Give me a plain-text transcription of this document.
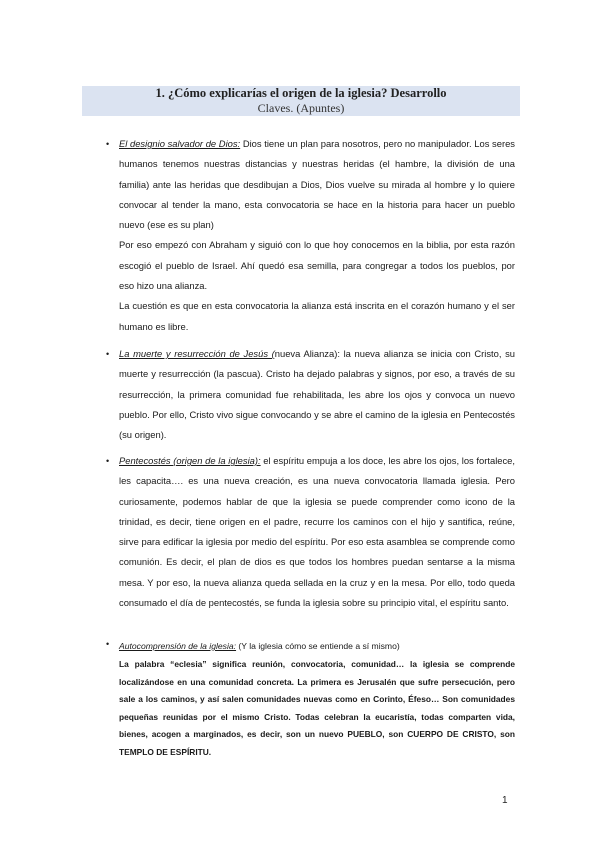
1. ¿Cómo explicarías el origen de la iglesia? Desarrollo
Claves. (Apuntes)
• El designio salvador de Dios: Dios tiene un plan para nosotros, pero no manipulador. Los seres humanos tenemos nuestras distancias y nuestras heridas (el hambre, la división de una familia) ante las heridas que desdibujan a Dios, Dios vuelve su mirada al hombre y lo quiere convocar al tender la mano, esta convocatoria se hace en la historia para hacer un pueblo nuevo (ese es su plan)

Por eso empezó con Abraham y siguió con lo que hoy conocemos en la biblia, por esta razón escogió el pueblo de Israel. Ahí quedó esa semilla, para congregar a todos los pueblos, por eso hizo una alianza.

La cuestión es que en esta convocatoria la alianza está inscrita en el corazón humano y el ser humano es libre.

• La muerte y resurrección de Jesús (nueva Alianza): la nueva alianza se inicia con Cristo, su muerte y resurrección (la pascua). Cristo ha dejado palabras y signos, por eso, a través de su resurrección, la primera comunidad fue rehabilitada, les abre los ojos y convoca un nuevo pueblo. Por ello, Cristo vivo sigue convocando y se abre el camino de la iglesia en Pentecostés (su origen).

• Pentecostés (origen de la iglesia): el espíritu empuja a los doce, les abre los ojos, los fortalece, les capacita…. es una nueva creación, es una nueva convocatoria llamada iglesia. Pero curiosamente, podemos hablar de que la iglesia se puede comprender como icono de la trinidad, es decir, tiene origen en el padre, recurre los caminos con el hijo y santifica, reúne, sirve para edificar la iglesia por medio del espíritu. Por eso esta asamblea se comprende como comunión. Es decir, el plan de dios es que todos los hombres puedan sentarse a la misma mesa. Y por eso, la nueva alianza queda sellada en la cruz y en la mesa. Por ello, todo queda consumado el día de pentecostés, se funda la iglesia sobre su principio vital, el espíritu santo.

• Autocomprensión de la iglesia: (Y la iglesia cómo se entiende a sí mismo)

La palabra “eclesia” significa reunión, convocatoria, comunidad… la iglesia se comprende localizándose en una comunidad concreta. La primera es Jerusalén que sufre persecución, pero sale a los caminos, y así salen comunidades nuevas como en Corinto, Éfeso… Son comunidades pequeñas reunidas por el mismo Cristo. Todas celebran la eucaristía, todas comparten vida, bienes, acogen a marginados, es decir, son un nuevo PUEBLO, son CUERPO DE CRISTO, son TEMPLO DE ESPÍRITU.

1
